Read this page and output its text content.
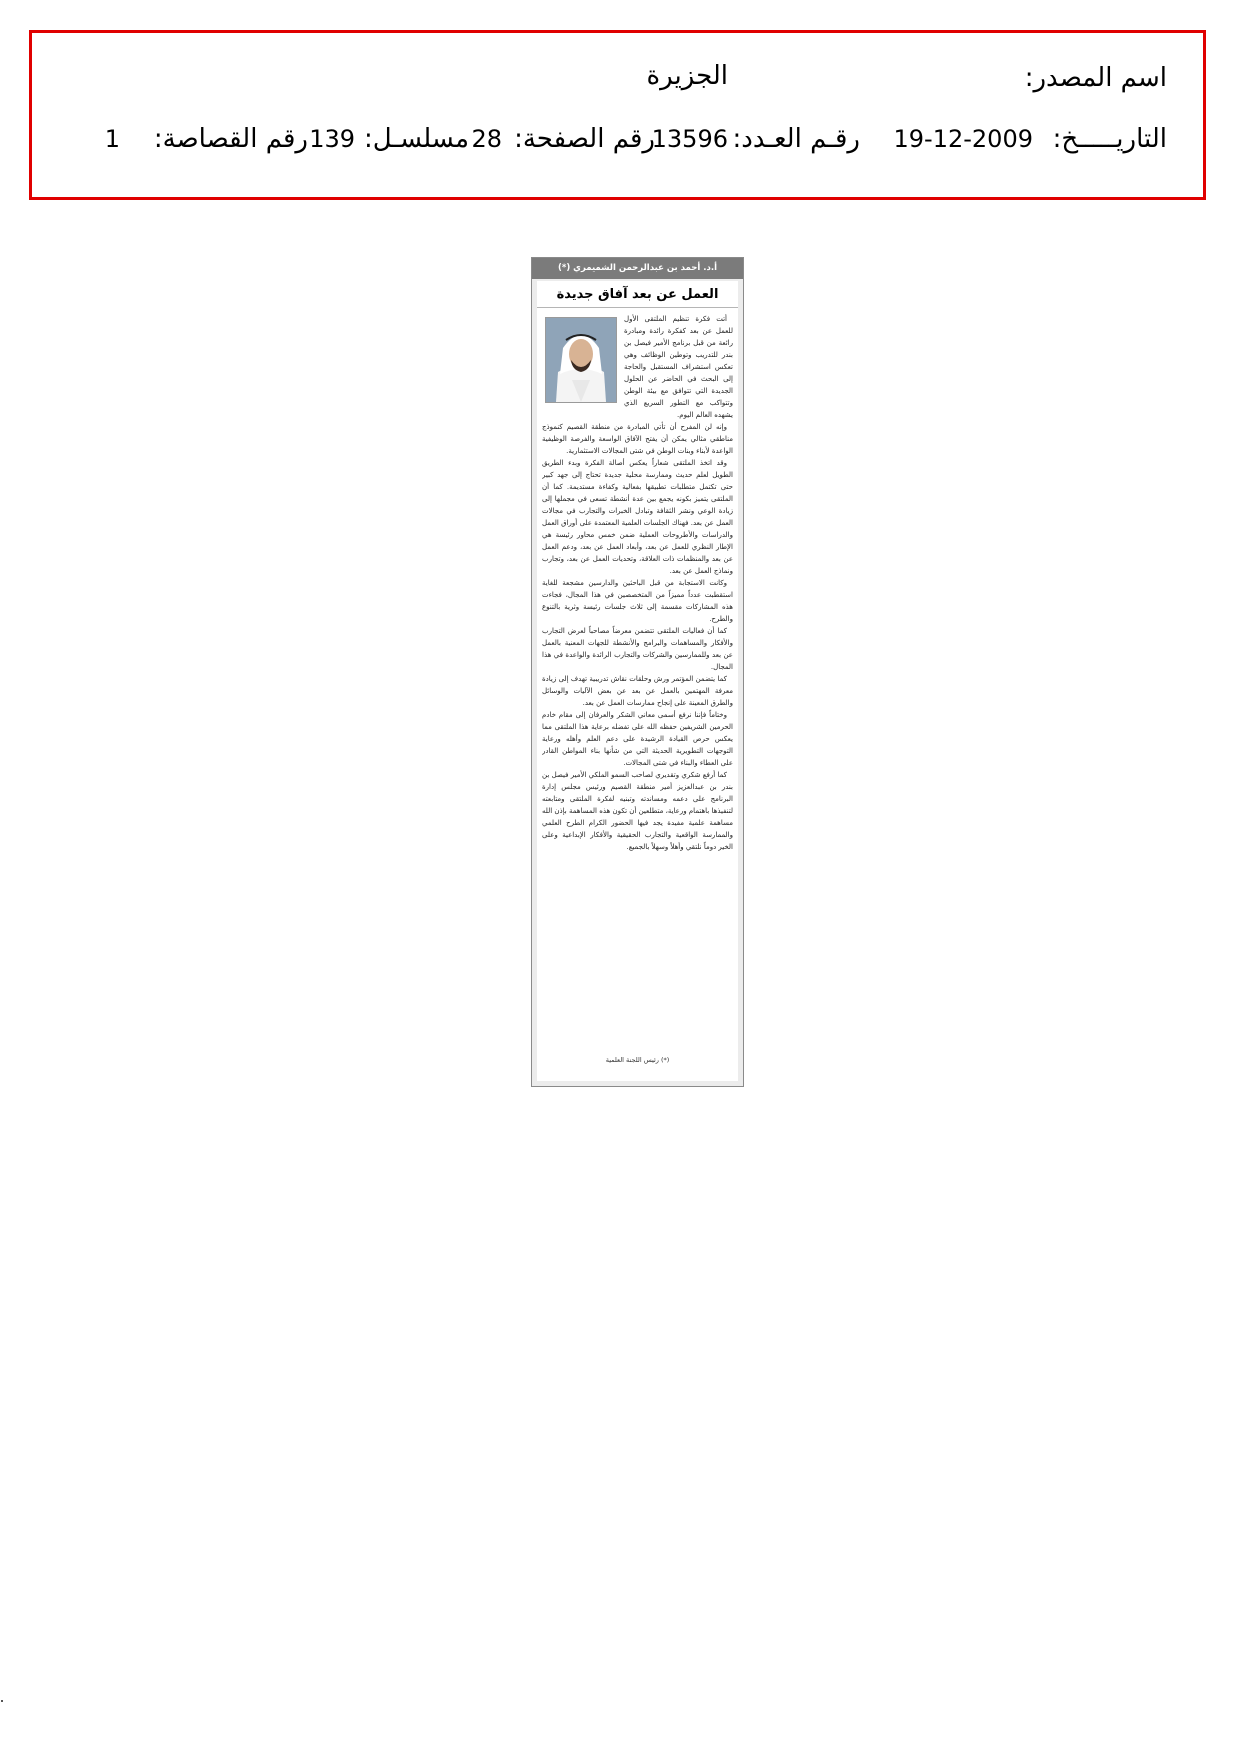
اسم المصدر:
الجزيرة
التاريـــــخ:
19-12-2009
رقـم العـدد:
13596
رقم الصفحة:
28
مسلسـل:
139
رقم القصاصة:
1
أ.د. أحمد بن عبدالرحمن الشميمري (*)
العمل عن بعد آفاق جديدة

أتت فكرة تنظيم الملتقى الأول للعمل عن بعد كفكرة رائدة ومبادرة رائعة من قبل برنامج الأمير فيصل بن بندر للتدريب وتوطين الوظائف وهي تعكس استشراف المستقبل والحاجة إلى البحث في الحاضر عن الحلول الجديدة التي تتوافق مع بيئة الوطن وتتواكب مع التطور السريع الذي يشهده العالم اليوم.

وإنه لن المفرح أن تأتي المبادرة من منطقة القصيم كنموذج مناطقي مثالي يمكن أن يفتح الآفاق الواسعة والفرصة الوظيفية الواعدة لأبناء وبنات الوطن في شتى المجالات الاستثمارية.

وقد اتخذ الملتقى شعاراً يعكس أصالة الفكرة وبدء الطريق الطويل لعلم حديث وممارسة محلية جديدة تحتاج إلى جهد كبير حتى تكتمل متطلبات تطبيقها بفعالية وكفاءة مستديمة. كما أن الملتقى يتميز بكونه يجمع بين عدة أنشطة تسعى في مجملها إلى زيادة الوعي ونشر الثقافة وتبادل الخبرات والتجارب في مجالات العمل عن بعد. فهناك الجلسات العلمية المعتمدة على أوراق العمل والدراسات والأطروحات العملية ضمن خمس محاور رئيسة هي الإطار النظري للعمل عن بعد، وأبعاد العمل عن بعد، ودعم العمل عن بعد والمنظمات ذات العلاقة، وتحديات العمل عن بعد، وتجارب ونماذج العمل عن بعد.

وكانت الاستجابة من قبل الباحثين والدارسين مشجعة للغاية استقطبت عدداً مميزاً من المتخصصين في هذا المجال، فجاءت هذه المشاركات مقسمة إلى ثلاث جلسات رئيسة وثرية بالتنوع والطرح.

كما أن فعاليات الملتقى تتضمن معرضاً مصاحباً لعرض التجارب والأفكار والمساهمات والبرامج والأنشطة للجهات المعنية بالعمل عن بعد وللممارسين والشركات والتجارب الرائدة والواعدة في هذا المجال.

كما يتضمن المؤتمر ورش وحلقات نقاش تدريبية تهدف إلى زيادة معرفة المهتمين بالعمل عن بعد عن بعض الآليات والوسائل والطرق المعينة على إنجاح ممارسات العمل عن بعد.

وختاماً فإننا نرفع أسمى معاني الشكر والعرفان إلى مقام خادم الحرمين الشريفين حفظه الله على تفضله برعاية هذا الملتقى مما يعكس حرص القيادة الرشيدة على دعم العلم وأهله ورعاية التوجهات التطويرية الحديثة التي من شأنها بناء المواطن القادر على العطاء والبناء في شتى المجالات.

كما أرفع شكري وتقديري لصاحب السمو الملكي الأمير فيصل بن بندر بن عبدالعزيز أمير منطقة القصيم ورئيس مجلس إدارة البرنامج على دعمه ومساندته وتبنيه لفكرة الملتقى ومتابعته لتنفيذها باهتمام ورعاية، متطلعين أن تكون هذه المساهمة بإذن الله مساهمة علمية مفيدة يجد فيها الحضور الكرام الطرح العلمي والممارسة الواقعية والتجارب الحقيقية والأفكار الإبداعية وعلى الخير دوماً نلتقي وأهلاً وسهلاً بالجميع.

(*) رئيس اللجنة العلمية
